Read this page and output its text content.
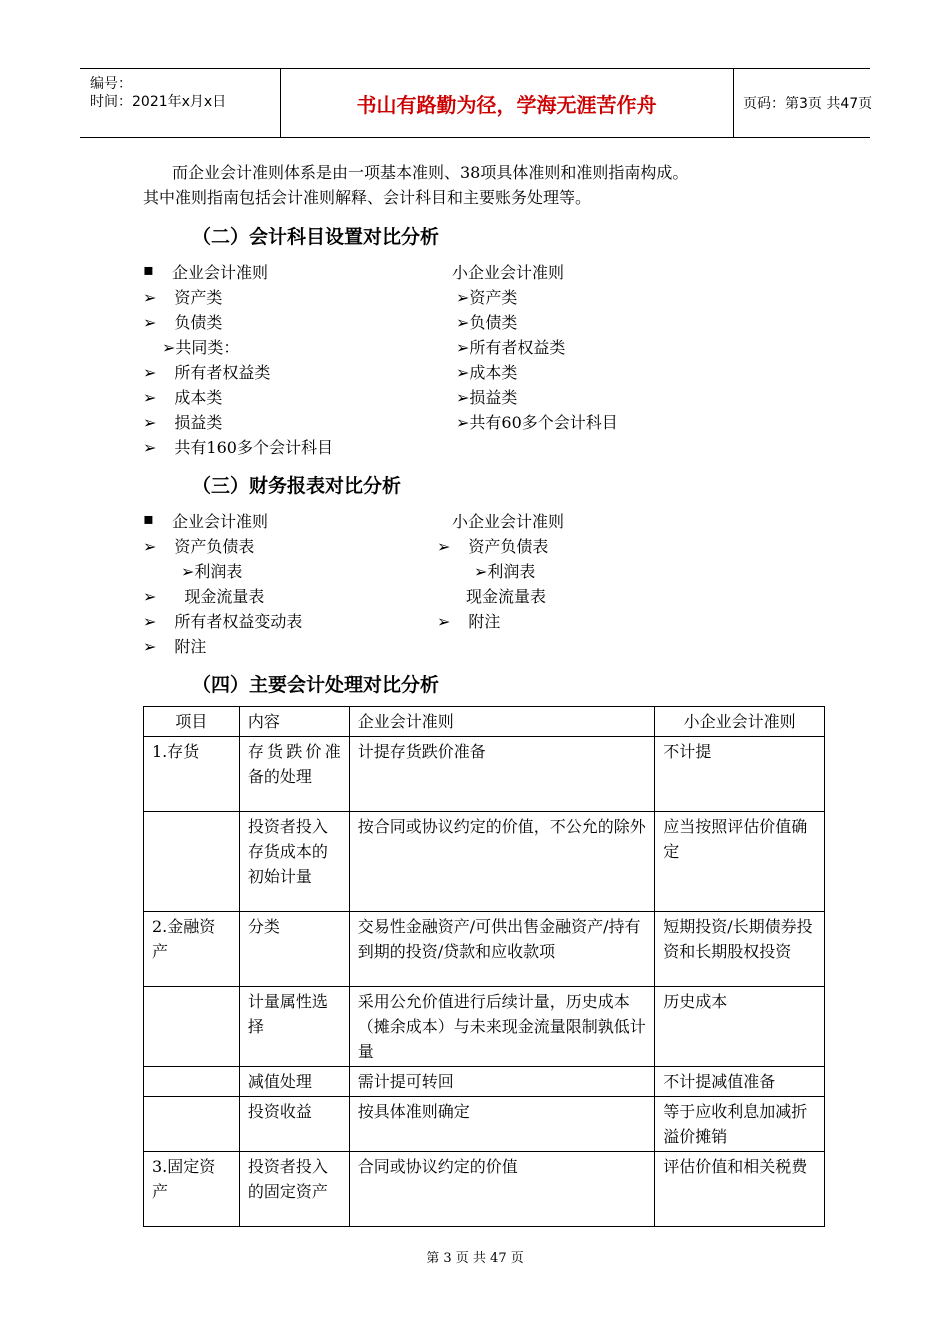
编号：
时间：2021年x月x日	书山有路勤为径，学海无涯苦作舟	页码：第3页 共47页
而企业会计准则体系是由一项基本准则、38项具体准则和准则指南构成。
其中准则指南包括会计准则解释、会计科目和主要账务处理等。
（二）会计科目设置对比分析
▪ 企业会计准则	小企业会计准则
➢ 资产类
➢ 负债类
➢共同类：
➢ 所有者权益类
➢ 成本类
➢ 损益类
➢ 共有160多个会计科目
➢资产类
➢负债类
➢所有者权益类
➢成本类
➢损益类
➢共有60多个会计科目
（三）财务报表对比分析
▪ 企业会计准则	小企业会计准则
➢ 资产负债表
➢利润表
➢ 现金流量表
➢ 所有者权益变动表
➢ 附注
➢ 资产负债表
➢利润表
现金流量表
➢ 附注
（四）主要会计处理对比分析
项目	内容	企业会计准则	小企业会计准则
1.存货	存货跌价准备的处理	计提存货跌价准备	不计提
	投资者投入存货成本的初始计量	按合同或协议约定的价值，不公允的除外	应当按照评估价值确定
2.金融资产	分类	交易性金融资产/可供出售金融资产/持有到期的投资/贷款和应收款项	短期投资/长期债券投资和长期股权投资
	计量属性选择	采用公允价值进行后续计量，历史成本（摊余成本）与未来现金流量限制孰低计量	历史成本
	减值处理	需计提可转回	不计提减值准备
	投资收益	按具体准则确定	等于应收利息加减折溢价摊销
3.固定资产	投资者投入的固定资产	合同或协议约定的价值	评估价值和相关税费
第 3 页 共 47 页
